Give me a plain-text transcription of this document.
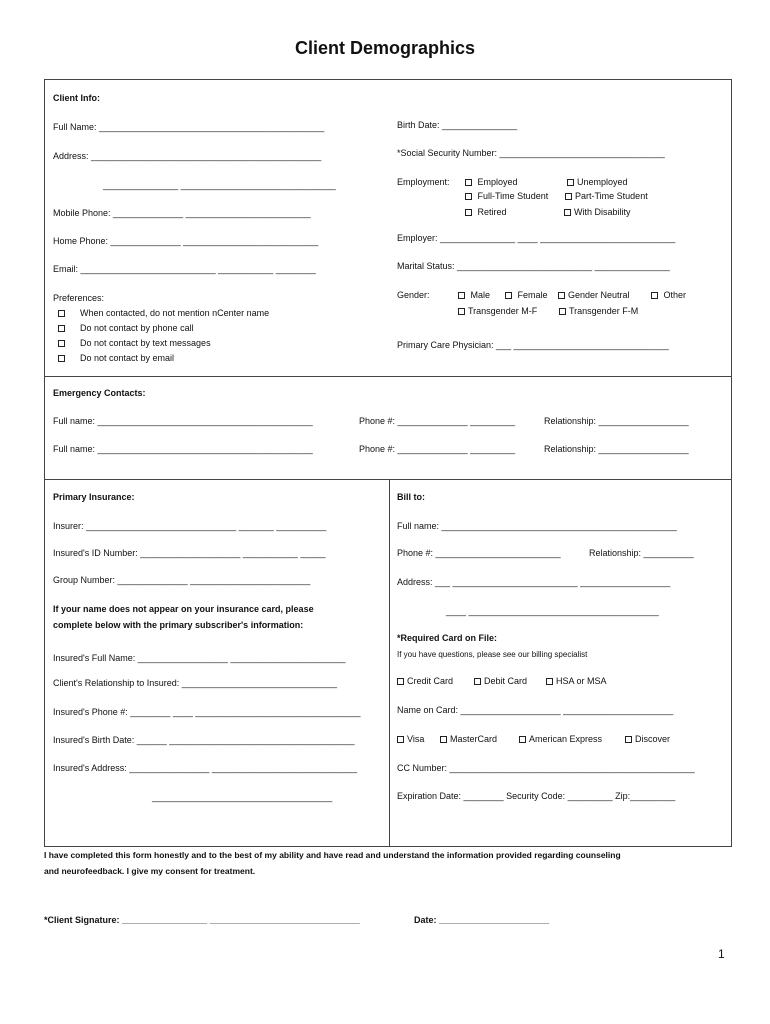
Client Demographics
Client Info:
Full Name: _____________________________________________
Address: ______________________________________________
_______________ _______________________________
Mobile Phone: ______________ _________________________
Home Phone: ______________ ___________________________
Email: ___________________________ ___________ ________
Preferences:
When contacted, do not mention nCenter name
Do not contact by phone call
Do not contact by text messages
Do not contact by email
Birth Date: _______________
*Social Security Number: _________________________________
Employment:	Employed	Unemployed
Full-Time Student	Part-Time Student
Retired	With Disability
Employer: _______________ ____ ___________________________
Marital Status: ___________________________ _______________
Gender:	Male	Female	Gender Neutral	Other
Transgender M-F	Transgender F-M
Primary Care Physician: ___ _______________________________
Emergency Contacts:
Full name: ___________________________________________	Phone #: ______________ _________	Relationship: __________________
Full name: ___________________________________________	Phone #: ______________ _________	Relationship: __________________
Primary Insurance:
Insurer: ______________________________ _______ __________
Insured's ID Number: ____________________ ___________ _____
Group Number: ______________ ________________________
If your name does not appear on your insurance card, please
complete below with the primary subscriber's information:
Insured's Full Name: __________________ _______________________
Client's Relationship to Insured: _______________________________
Insured's Phone #: ________ ____ _________________________________
Insured's Birth Date: ______ _____________________________________
Insured's Address: ________________ _____________________________
____________________________________
Bill to:
Full name: _______________________________________________
Phone #: _________________________	Relationship: __________
Address: ___ _________________________ __________________
____ ______________________________________
*Required Card on File:
If you have questions, please see our billing specialist
Credit Card	Debit Card	HSA or MSA
Name on Card: ____________________ ______________________
Visa	MasterCard	American Express	Discover
CC Number: _________________________________________________
Expiration Date: ________ Security Code: _________ Zip:_________
I have completed this form honestly and to the best of my ability and have read and understand the information provided regarding counseling
and neurofeedback. I give my consent for treatment.
*Client Signature: _________________ ______________________________	Date: ______________________
1
